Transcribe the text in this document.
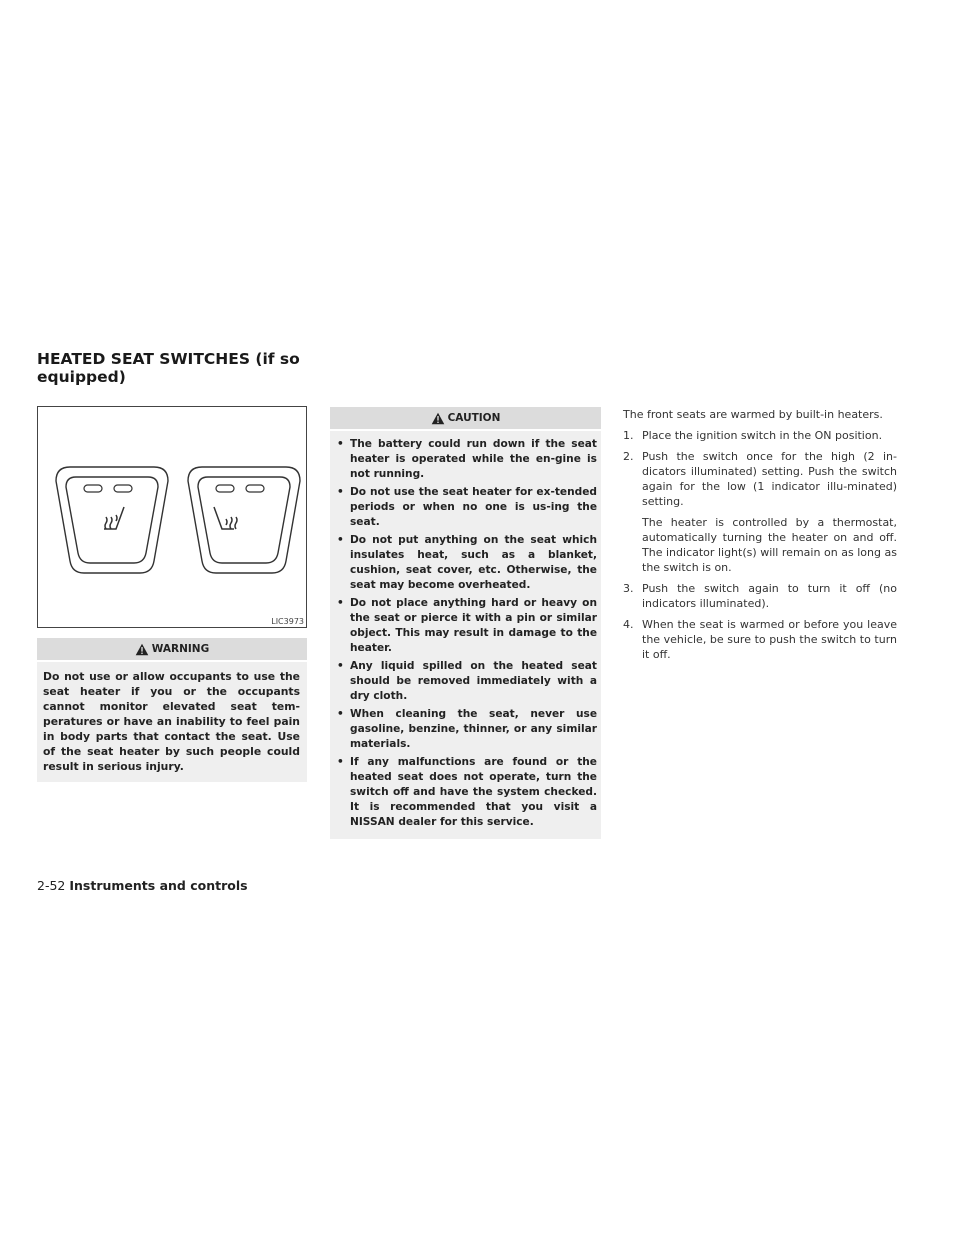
HEATED SEAT SWITCHES (if so equipped)
LIC3973
WARNING
Do not use or allow occupants to use the seat heater if you or the occupants cannot monitor elevated seat tem-peratures or have an inability to feel pain in body parts that contact the seat. Use of the seat heater by such people could result in serious injury.
CAUTION
• The battery could run down if the seat heater is operated while the en-gine is not running.
• Do not use the seat heater for ex-tended periods or when no one is us-ing the seat.
• Do not put anything on the seat which insulates heat, such as a blanket, cushion, seat cover, etc. Otherwise, the seat may become overheated.
• Do not place anything hard or heavy on the seat or pierce it with a pin or similar object. This may result in damage to the heater.
• Any liquid spilled on the heated seat should be removed immediately with a dry cloth.
• When cleaning the seat, never use gasoline, benzine, thinner, or any similar materials.
• If any malfunctions are found or the heated seat does not operate, turn the switch off and have the system checked. It is recommended that you visit a NISSAN dealer for this service.

The front seats are warmed by built-in heaters.

1. Place the ignition switch in the ON position.

2. Push the switch once for the high (2 in-dicators illuminated) setting. Push the switch again for the low (1 indicator illu-minated) setting.

The heater is controlled by a thermostat, automatically turning the heater on and off. The indicator light(s) will remain on as long as the switch is on.

3. Push the switch again to turn it off (no indicators illuminated).

4. When the seat is warmed or before you leave the vehicle, be sure to push the switch to turn it off.

2-52 Instruments and controls
